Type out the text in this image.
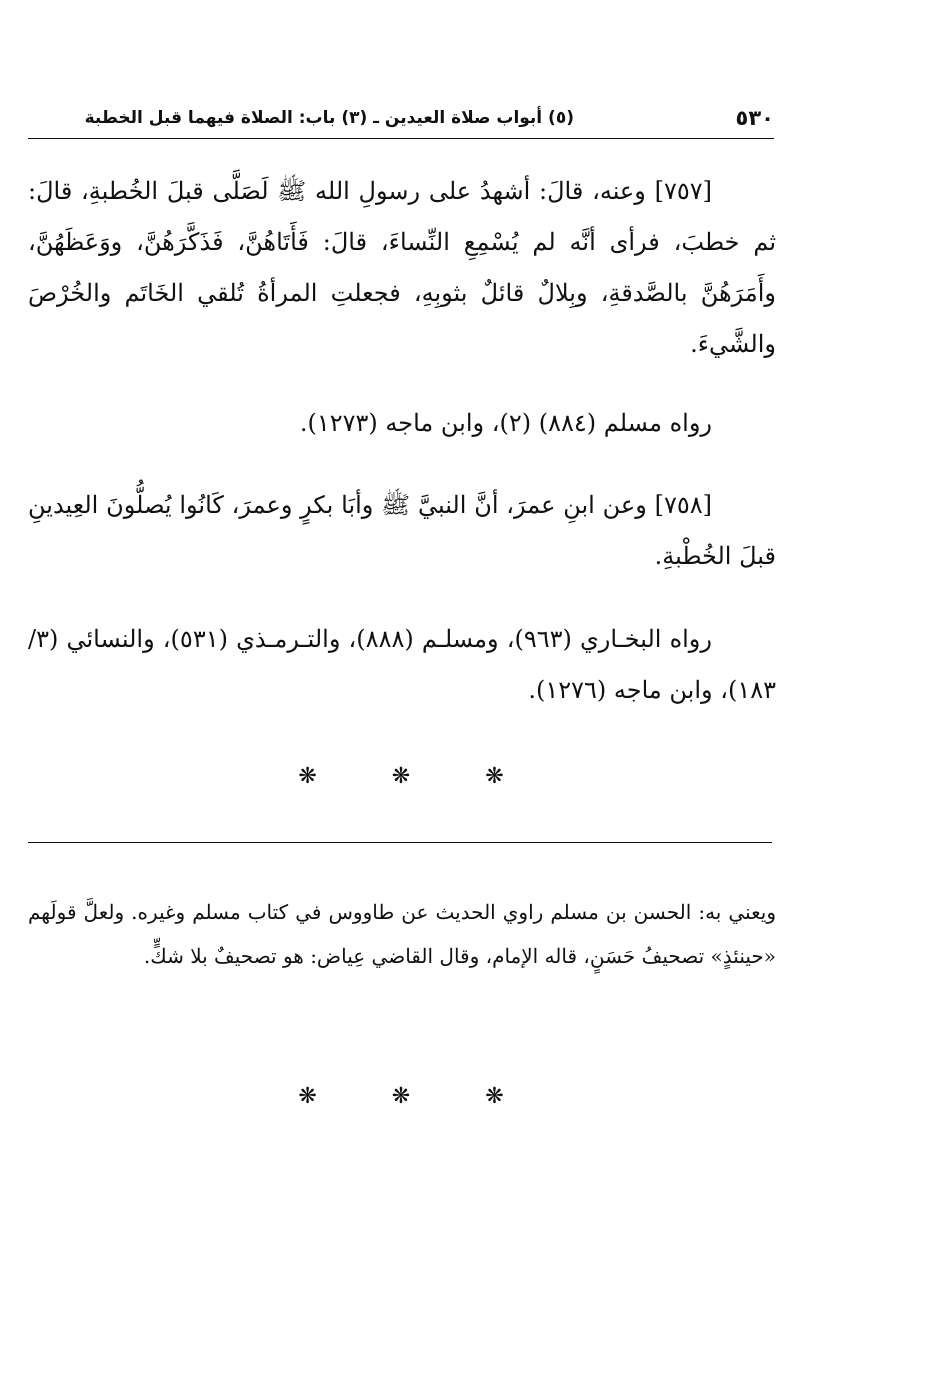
٥٣٠
(٥) أبواب صلاة العيدين ـ (٣) باب: الصلاة فيهما قبل الخطبة
[٧٥٧] وعنه، قالَ: أشهدُ على رسولِ الله ﷺ لَصَلَّى قبلَ الخُطبةِ، قالَ: ثم خطبَ، فرأى أنَّه لم يُسْمِعِ النِّساءَ، قالَ: فَأَتَاهُنَّ، فَذَكَّرَهُنَّ، ووَعَظَهُنَّ، وأَمَرَهُنَّ بالصَّدقةِ، وبِلالٌ قائلٌ بثوبِهِ، فجعلتِ المرأةُ تُلقي الخَاتَم والخُرْصَ والشَّيءَ.
رواه مسلم (٨٨٤) (٢)، وابن ماجه (١٢٧٣).
[٧٥٨] وعن ابنِ عمرَ، أنَّ النبيَّ ﷺ وأبَا بكرٍ وعمرَ، كَانُوا يُصلُّونَ العِيدينِ قبلَ الخُطْبةِ.
رواه البخـاري (٩٦٣)، ومسلـم (٨٨٨)، والتـرمـذي (٥٣١)، والنسائي (٣/ ١٨٣)، وابن ماجه (١٢٧٦).
❋ ❋ ❋
ويعني به: الحسن بن مسلم راوي الحديث عن طاووس في كتاب مسلم وغيره. ولعلَّ قولَهم «حينئذٍ» تصحيفُ حَسَنٍ، قاله الإمام، وقال القاضي عِياض: هو تصحيفٌ بلا شكٍّ.
❋ ❋ ❋
